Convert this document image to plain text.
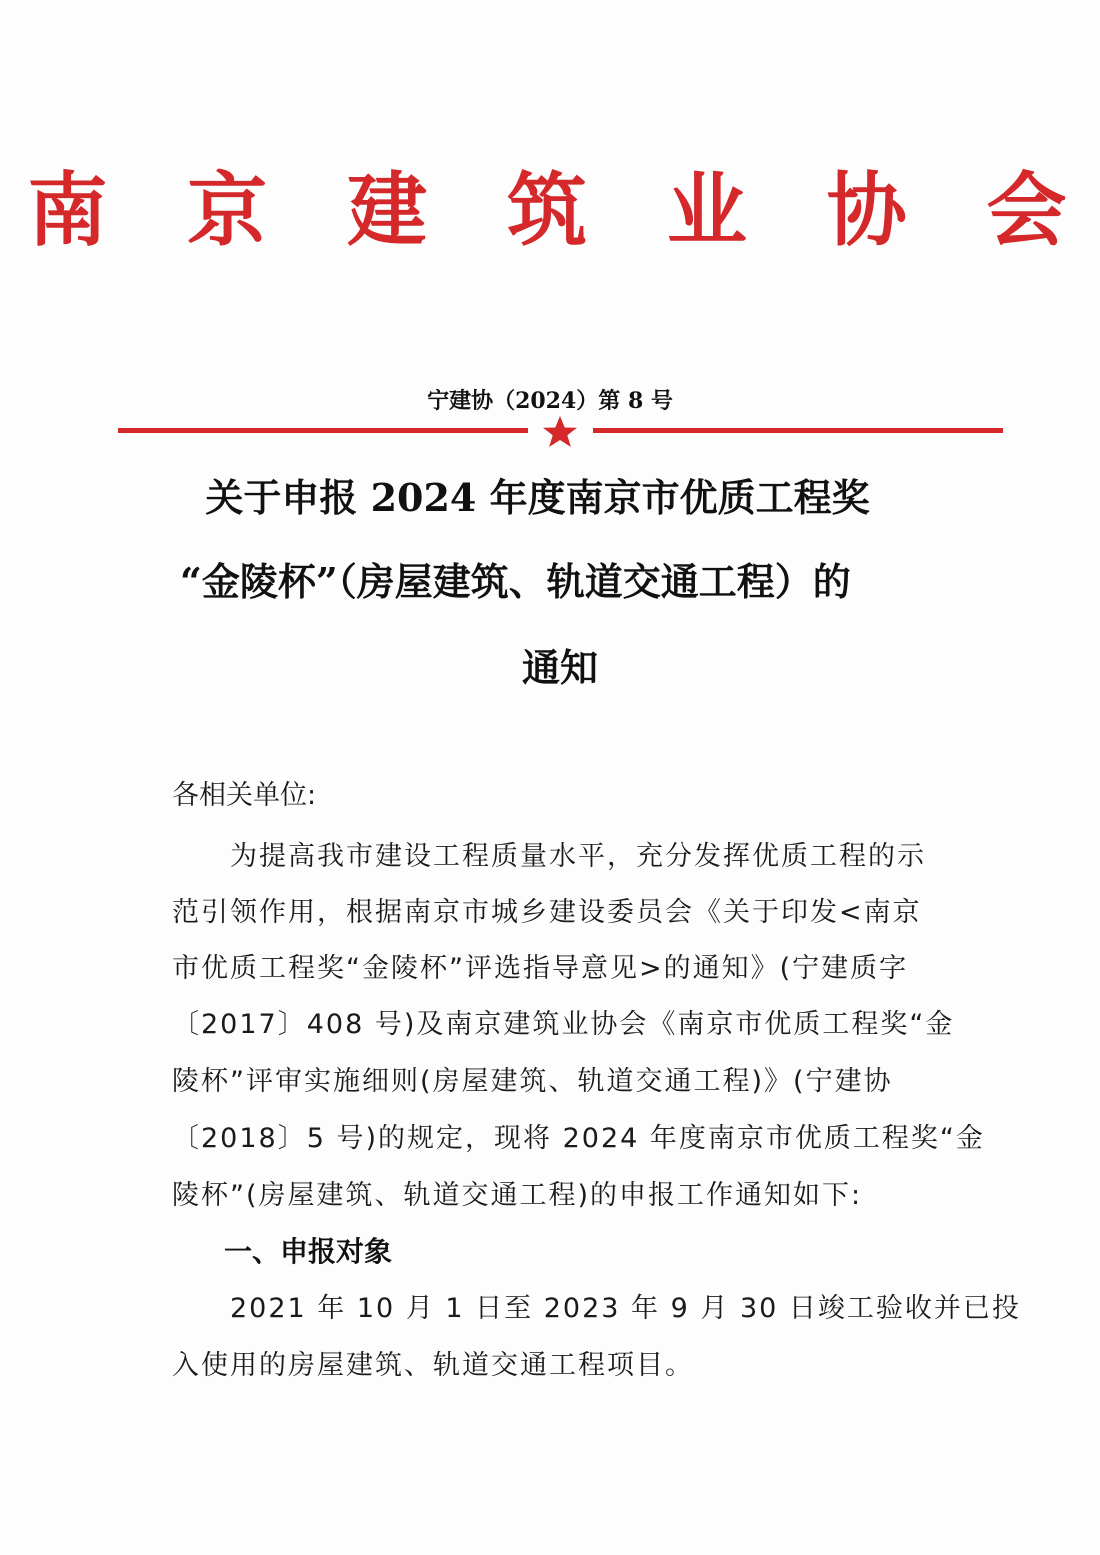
南 京 建 筑 业 协 会
宁建协（2024）第 8 号
关于申报 2024 年度南京市优质工程奖
“金陵杯”（房屋建筑、轨道交通工程）的
通知
各相关单位:
　　为提高我市建设工程质量水平，充分发挥优质工程的示
范引领作用，根据南京市城乡建设委员会《关于印发<南京
市优质工程奖“金陵杯”评选指导意见>的通知》(宁建质字
〔2017〕408 号)及南京建筑业协会《南京市优质工程奖“金
陵杯”评审实施细则(房屋建筑、轨道交通工程)》(宁建协
〔2018〕5 号)的规定，现将 2024 年度南京市优质工程奖“金
陵杯”(房屋建筑、轨道交通工程)的申报工作通知如下:
一、申报对象
　　2021 年 10 月 1 日至 2023 年 9 月 30 日竣工验收并已投
入使用的房屋建筑、轨道交通工程项目。
